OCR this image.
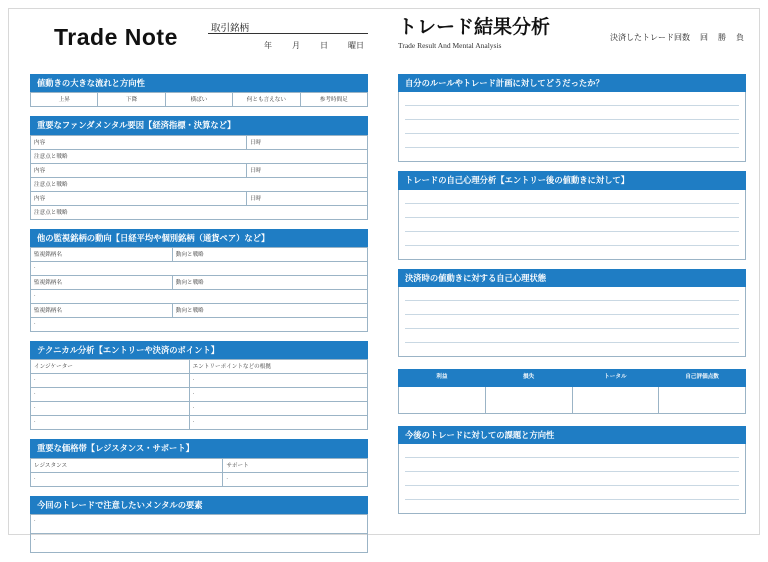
Trade Note	取引銘柄
年	月	日	曜日
値動きの大きな流れと方向性
上昇	下降	横ばい	何とも言えない	参考時間足
重要なファンダメンタル要因【経済指標・決算など】
内容	日時
注意点と戦略	
内容	日時
注意点と戦略	
内容	日時
注意点と戦略	
他の監視銘柄の動向【日経平均や個別銘柄（通貨ペア）など】
監視銘柄名	動向と戦略
.	
監視銘柄名	動向と戦略
.	
監視銘柄名	動向と戦略
.	
テクニカル分析【エントリーや決済のポイント】
インジケーター	エントリーポイントなどの根拠
.	.
.	.
.	.
.	.
重要な価格帯【レジスタンス・サポート】
レジスタンス	サポート
.	.
今回のトレードで注意したいメンタルの要素
.
.
トレード結果分析
Trade Result And Mental Analysis
決済したトレード回数 回 勝 負
自分のルールやトレード計画に対してどうだったか？
トレードの自己心理分析【エントリー後の値動きに対して】
決済時の値動きに対する自己心理状態
利益	損失	トータル	自己評価点数

今後のトレードに対しての課題と方向性
